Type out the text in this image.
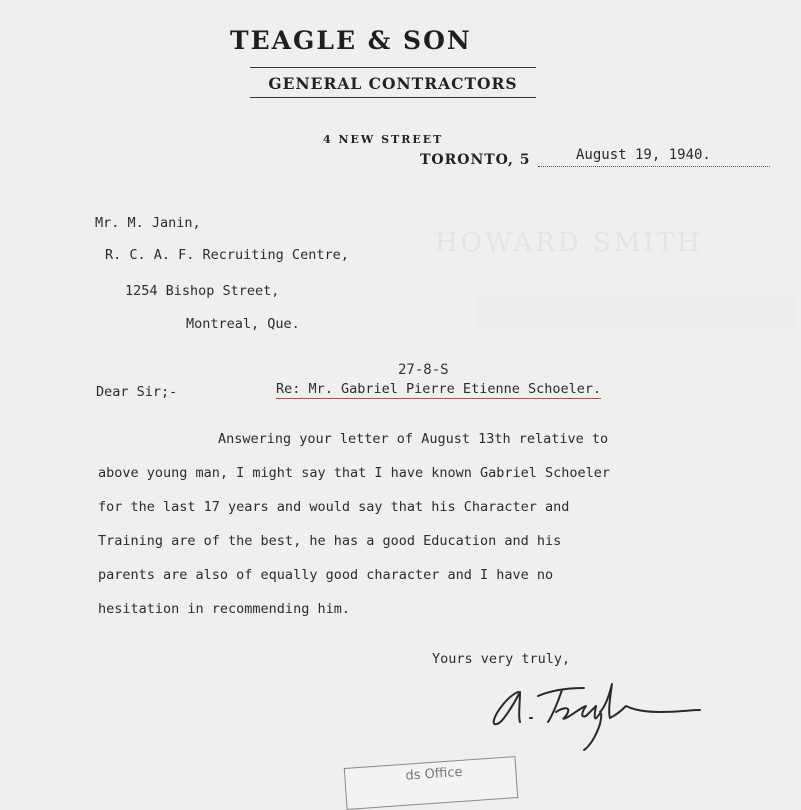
HOWARD SMITH
TEAGLE & SON
GENERAL CONTRACTORS
4 NEW STREET
TORONTO, 5	August 19, 1940.
Mr. M. Janin,
R. C. A. F. Recruiting Centre,
1254 Bishop Street,
Montreal, Que.
27-8-S
Dear Sir;-	Re: Mr. Gabriel Pierre Etienne Schoeler.
Answering your letter of August 13th relative to
above young man, I might say that I have known Gabriel Schoeler
for the last 17 years and would say that his Character and
Training are of the best, he has a good Education and his
parents are also of equally good character and I have no
hesitation in recommending him.
Yours very truly,
ds Office
